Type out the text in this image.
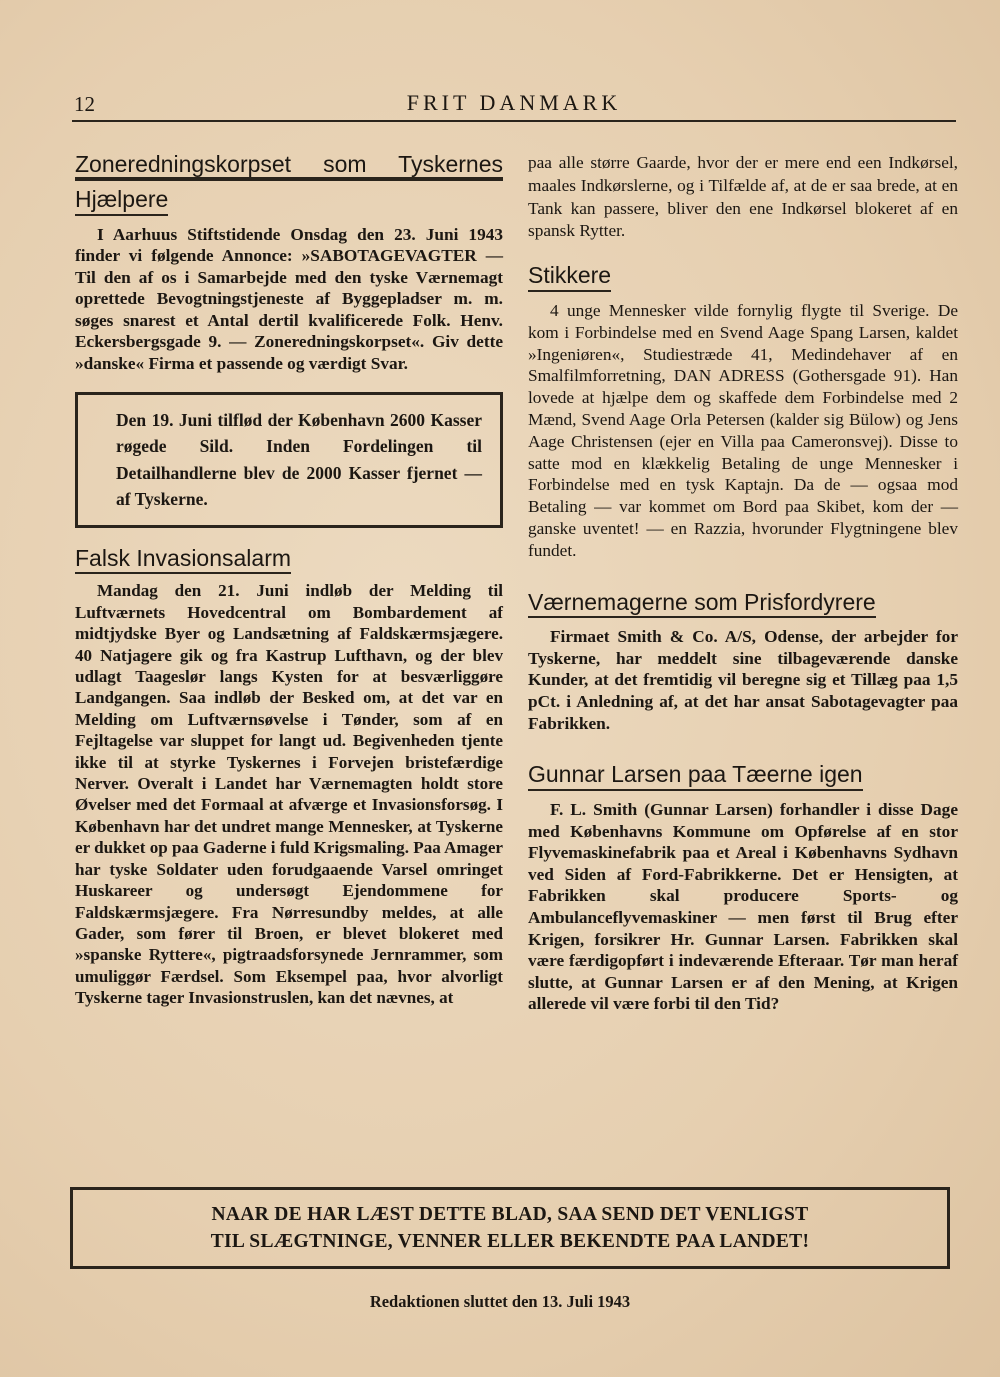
12	FRIT DANMARK
Zoneredningskorpset som Tyskernes
Hjælpere

I Aarhuus Stiftstidende Onsdag den 23. Juni 1943 finder vi følgende Annonce: »SABOTAGEVAGTER — Til den af os i Samarbejde med den tyske Værnemagt oprettede Bevogtningstjeneste af Byggepladser m. m. søges snarest et Antal dertil kvalificerede Folk. Henv. Eckersbergsgade 9. — Zoneredningskorpset«. Giv dette »danske« Firma et passende og værdigt Svar.

Den 19. Juni tilflød der København 2600 Kasser røgede Sild. Inden Fordelingen til Detailhandlerne blev de 2000 Kasser fjernet — af Tyskerne.
Falsk Invasionsalarm

Mandag den 21. Juni indløb der Melding til Luftværnets Hovedcentral om Bombardement af midtjydske Byer og Landsætning af Faldskærmsjægere. 40 Natjagere gik og fra Kastrup Lufthavn, og der blev udlagt Taageslør langs Kysten for at besværliggøre Landgangen. Saa indløb der Besked om, at det var en Melding om Luftværnsøvelse i Tønder, som af en Fejltagelse var sluppet for langt ud. Begivenheden tjente ikke til at styrke Tyskernes i Forvejen bristefærdige Nerver. Overalt i Landet har Værnemagten holdt store Øvelser med det Formaal at afværge et Invasionsforsøg. I København har det undret mange Mennesker, at Tyskerne er dukket op paa Gaderne i fuld Krigsmaling. Paa Amager har tyske Soldater uden forudgaaende Varsel omringet Huskareer og undersøgt Ejendommene for Faldskærmsjægere. Fra Nørresundby meldes, at alle Gader, som fører til Broen, er blevet blokeret med »spanske Ryttere«, pigtraadsforsynede Jernrammer, som umuliggør Færdsel. Som Eksempel paa, hvor alvorligt Tyskerne tager Invasionstruslen, kan det nævnes, at

paa alle større Gaarde, hvor der er mere end een Indkørsel, maales Indkørslerne, og i Tilfælde af, at de er saa brede, at en Tank kan passere, bliver den ene Indkørsel blokeret af en spansk Rytter.

Stikkere

4 unge Mennesker vilde fornylig flygte til Sverige. De kom i Forbindelse med en Svend Aage Spang Larsen, kaldet »Ingeniøren«, Studiestræde 41, Medindehaver af en Smalfilmforretning, DAN ADRESS (Gothersgade 91). Han lovede at hjælpe dem og skaffede dem Forbindelse med 2 Mænd, Svend Aage Orla Petersen (kalder sig Bülow) og Jens Aage Christensen (ejer en Villa paa Cameronsvej). Disse to satte mod en klækkelig Betaling de unge Mennesker i Forbindelse med en tysk Kaptajn. Da de — ogsaa mod Betaling — var kommet om Bord paa Skibet, kom der — ganske uventet! — en Razzia, hvorunder Flygtningene blev fundet.

Værnemagerne som Prisfordyrere

Firmaet Smith & Co. A/S, Odense, der arbejder for Tyskerne, har meddelt sine tilbageværende danske Kunder, at det fremtidig vil beregne sig et Tillæg paa 1,5 pCt. i Anledning af, at det har ansat Sabotagevagter paa Fabrikken.

Gunnar Larsen paa Tæerne igen

F. L. Smith (Gunnar Larsen) forhandler i disse Dage med Københavns Kommune om Opførelse af en stor Flyvemaskinefabrik paa et Areal i Københavns Sydhavn ved Siden af Ford-Fabrikkerne. Det er Hensigten, at Fabrikken skal producere Sports- og Ambulanceflyvemaskiner — men først til Brug efter Krigen, forsikrer Hr. Gunnar Larsen. Fabrikken skal være færdigopført i indeværende Efteraar. Tør man heraf slutte, at Gunnar Larsen er af den Mening, at Krigen allerede vil være forbi til den Tid?

NAAR DE HAR LÆST DETTE BLAD, SAA SEND DET VENLIGST
TIL SLÆGTNINGE, VENNER ELLER BEKENDTE PAA LANDET!
Redaktionen sluttet den 13. Juli 1943
